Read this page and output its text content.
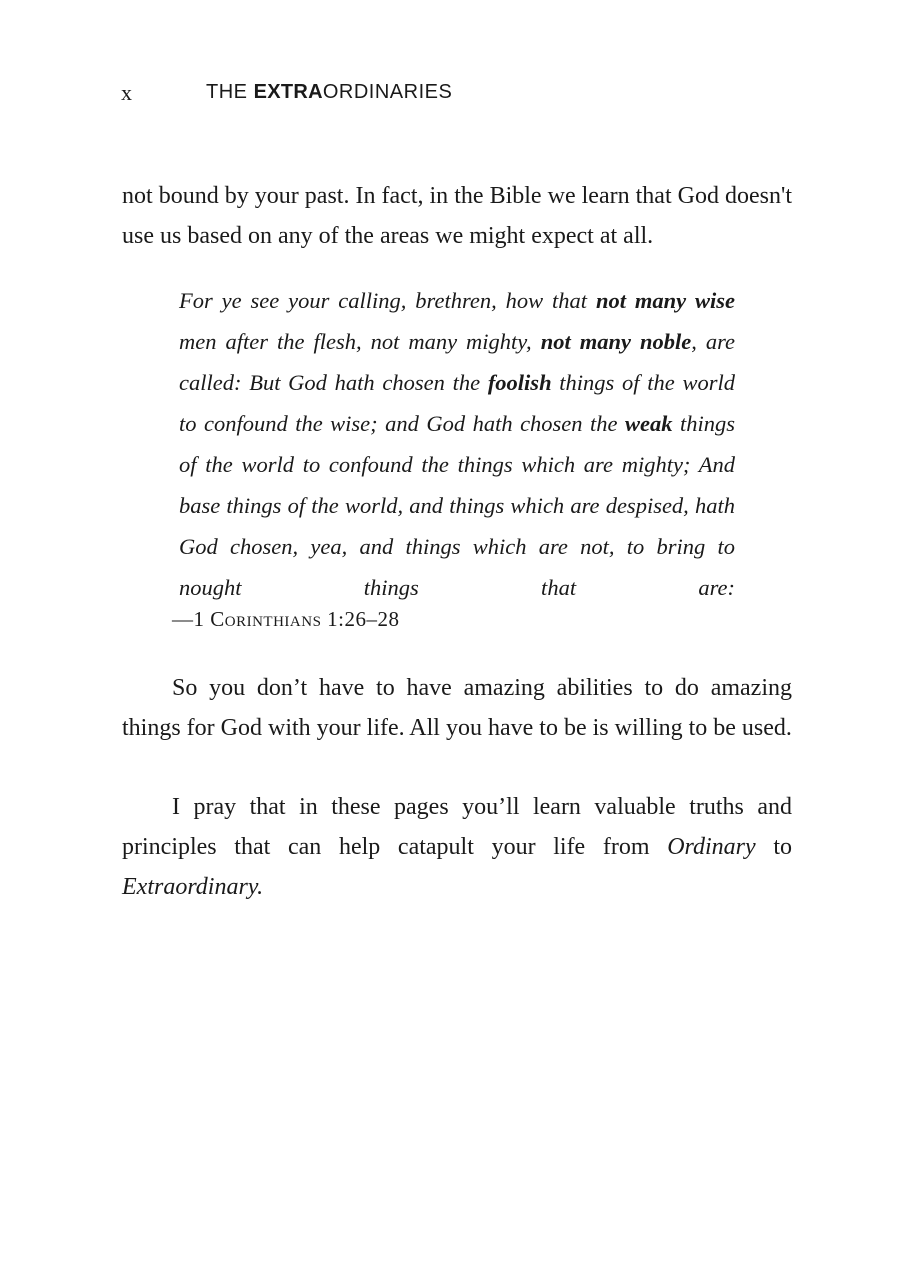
x	THE EXTRAORDINARIES

not bound by your past. In fact, in the Bible we learn that God doesn't use us based on any of the areas we might expect at all.

For ye see your calling, brethren, how that not many wise men after the flesh, not many mighty, not many noble, are called: But God hath chosen the foolish things of the world to confound the wise; and God hath chosen the weak things of the world to confound the things which are mighty; And base things of the world, and things which are despised, hath God chosen, yea, and things which are not, to bring to nought things that are:

—1 Corinthians 1:26–28

So you don’t have to have amazing abilities to do amazing things for God with your life. All you have to be is willing to be used.

I pray that in these pages you’ll learn valuable truths and principles that can help catapult your life from Ordinary to Extraordinary.
